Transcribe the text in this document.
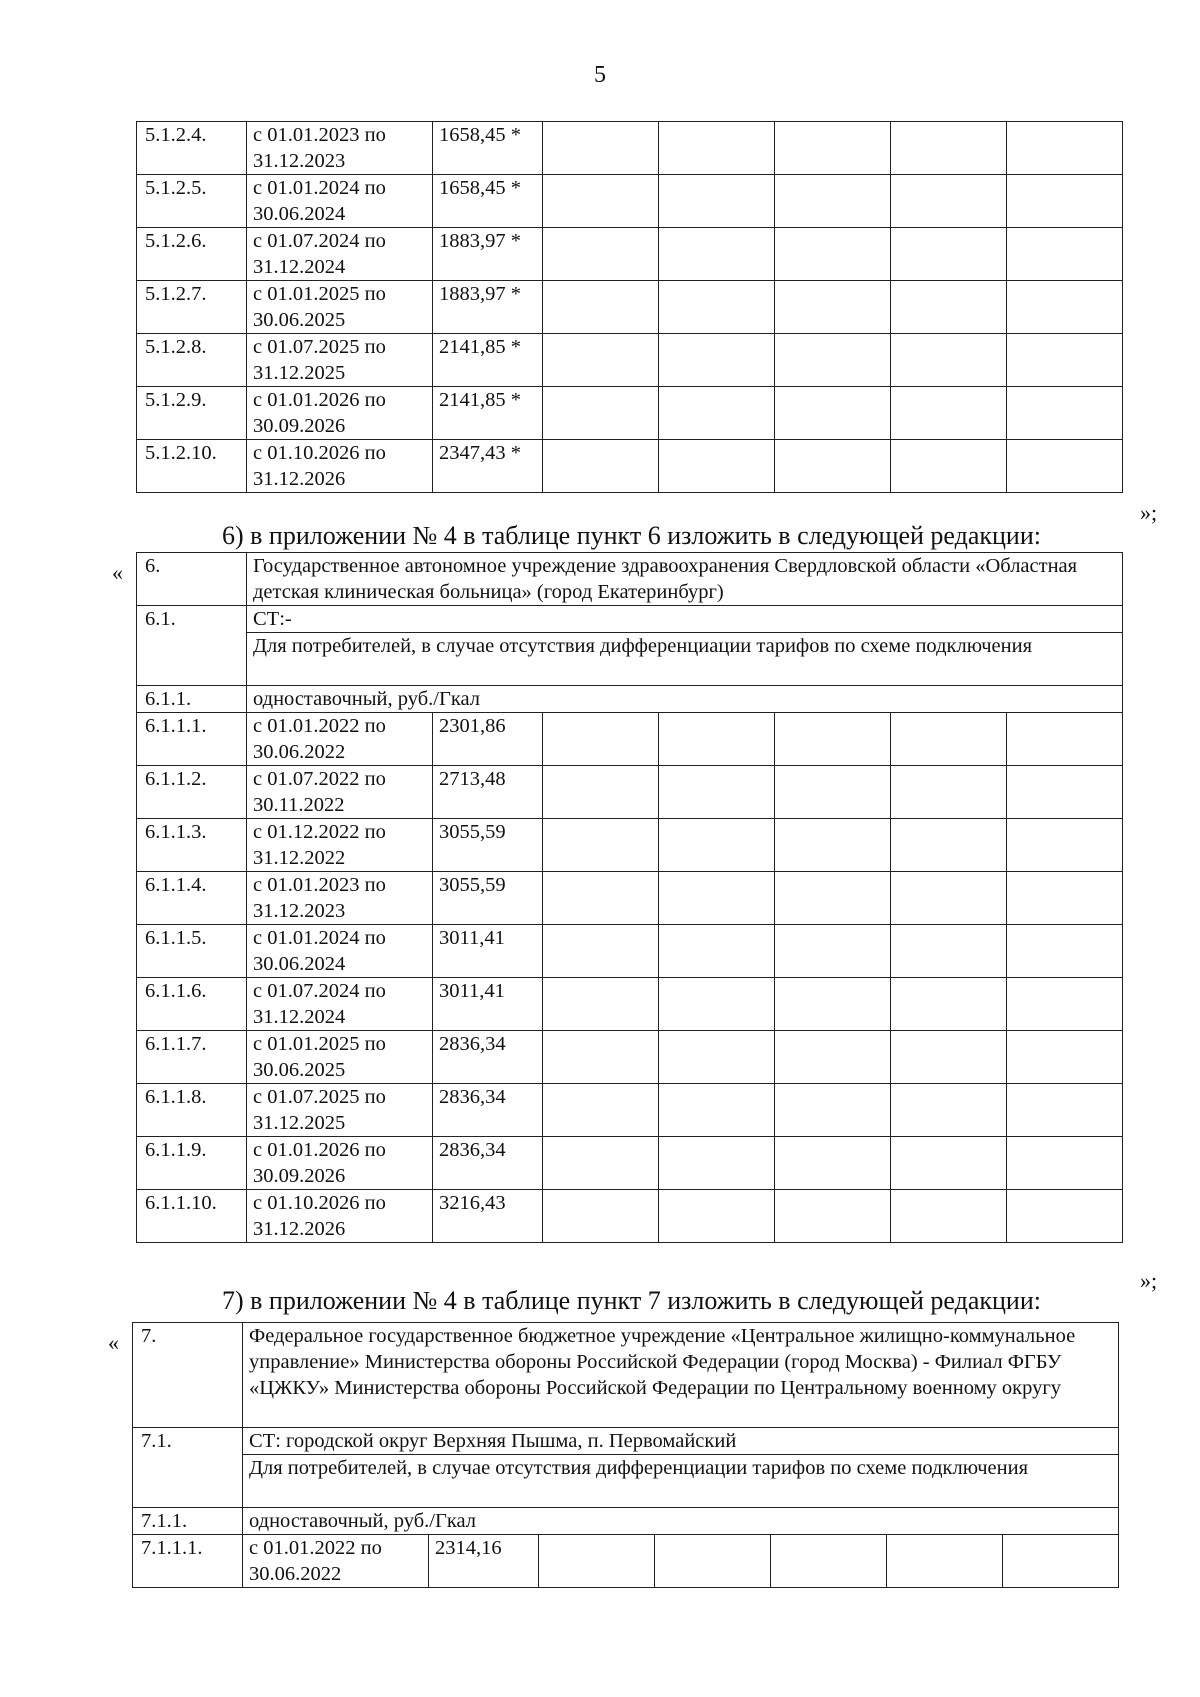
5
5.1.2.4.	с 01.01.2023 по 31.12.2023	1658,45 *					
5.1.2.5.	с 01.01.2024 по 30.06.2024	1658,45 *					
5.1.2.6.	с 01.07.2024 по 31.12.2024	1883,97 *					
5.1.2.7.	с 01.01.2025 по 30.06.2025	1883,97 *					
5.1.2.8.	с 01.07.2025 по 31.12.2025	2141,85 *					
5.1.2.9.	с 01.01.2026 по 30.09.2026	2141,85 *					
5.1.2.10.	с 01.10.2026 по 31.12.2026	2347,43 *					
»;
6) в приложении № 4 в таблице пункт 6 изложить в следующей редакции:
« 6.	Государственное автономное учреждение здравоохранения Свердловской области «Областная детская клиническая больница» (город Екатеринбург)						
6.1.	СТ:-						
	Для потребителей, в случае отсутствия дифференциации тарифов по схеме подключения						
6.1.1.	одноставочный, руб./Гкал						
6.1.1.1.	с 01.01.2022 по 30.06.2022	2301,86					
6.1.1.2.	с 01.07.2022 по 30.11.2022	2713,48					
6.1.1.3.	с 01.12.2022 по 31.12.2022	3055,59					
6.1.1.4.	с 01.01.2023 по 31.12.2023	3055,59					
6.1.1.5.	с 01.01.2024 по 30.06.2024	3011,41					
6.1.1.6.	с 01.07.2024 по 31.12.2024	3011,41					
6.1.1.7.	с 01.01.2025 по 30.06.2025	2836,34					
6.1.1.8.	с 01.07.2025 по 31.12.2025	2836,34					
6.1.1.9.	с 01.01.2026 по 30.09.2026	2836,34					
6.1.1.10.	с 01.10.2026 по 31.12.2026	3216,43					
»;
7) в приложении № 4 в таблице пункт 7 изложить в следующей редакции:
« 7.	Федеральное государственное бюджетное учреждение «Центральное жилищно-коммунальное управление» Министерства обороны Российской Федерации (город Москва) - Филиал ФГБУ «ЦЖКУ» Министерства обороны Российской Федерации по Центральному военному округу						
7.1.	СТ: городской округ Верхняя Пышма, п. Первомайский						
	Для потребителей, в случае отсутствия дифференциации тарифов по схеме подключения						
7.1.1.	одноставочный, руб./Гкал						
7.1.1.1.	с 01.01.2022 по 30.06.2022	2314,16					
